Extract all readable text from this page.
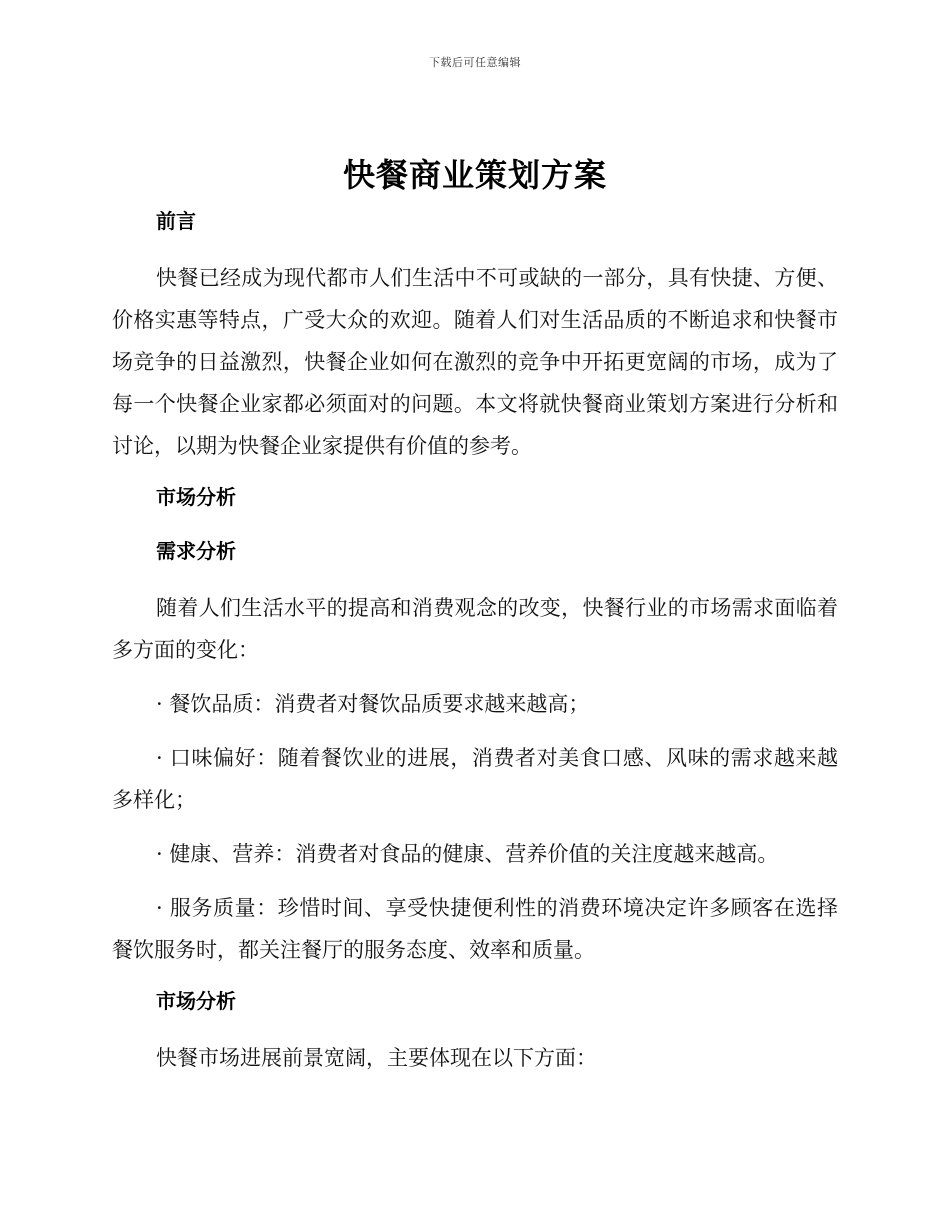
下载后可任意编辑
快餐商业策划方案
前言
快餐已经成为现代都市人们生活中不可或缺的一部分，具有快捷、方便、价格实惠等特点，广受大众的欢迎。随着人们对生活品质的不断追求和快餐市场竞争的日益激烈，快餐企业如何在激烈的竞争中开拓更宽阔的市场，成为了每一个快餐企业家都必须面对的问题。本文将就快餐商业策划方案进行分析和讨论，以期为快餐企业家提供有价值的参考。
市场分析
需求分析
随着人们生活水平的提高和消费观念的改变，快餐行业的市场需求面临着多方面的变化：
· 餐饮品质：消费者对餐饮品质要求越来越高；
· 口味偏好：随着餐饮业的进展，消费者对美食口感、风味的需求越来越多样化；
· 健康、营养：消费者对食品的健康、营养价值的关注度越来越高。
· 服务质量：珍惜时间、享受快捷便利性的消费环境决定许多顾客在选择餐饮服务时，都关注餐厅的服务态度、效率和质量。
市场分析
快餐市场进展前景宽阔，主要体现在以下方面：
